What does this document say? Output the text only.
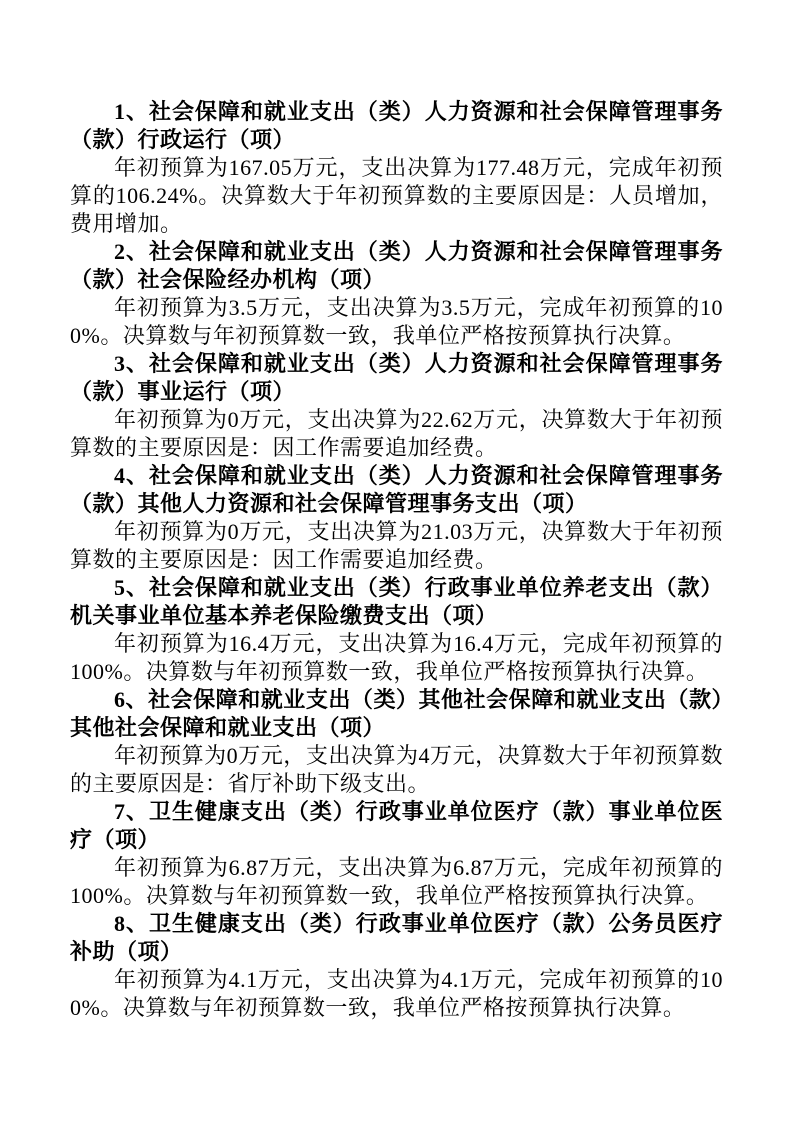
1、社会保障和就业支出（类）人力资源和社会保障管理事务（款）行政运行（项）

年初预算为167.05万元，支出决算为177.48万元，完成年初预算的106.24%。决算数大于年初预算数的主要原因是：人员增加，费用增加。

2、社会保障和就业支出（类）人力资源和社会保障管理事务（款）社会保险经办机构（项）

年初预算为3.5万元，支出决算为3.5万元，完成年初预算的100%。决算数与年初预算数一致，我单位严格按预算执行决算。

3、社会保障和就业支出（类）人力资源和社会保障管理事务（款）事业运行（项）

年初预算为0万元，支出决算为22.62万元，决算数大于年初预算数的主要原因是：因工作需要追加经费。

4、社会保障和就业支出（类）人力资源和社会保障管理事务（款）其他人力资源和社会保障管理事务支出（项）

年初预算为0万元，支出决算为21.03万元，决算数大于年初预算数的主要原因是：因工作需要追加经费。

5、社会保障和就业支出（类）行政事业单位养老支出（款）机关事业单位基本养老保险缴费支出（项）

年初预算为16.4万元，支出决算为16.4万元，完成年初预算的100%。决算数与年初预算数一致，我单位严格按预算执行决算。

6、社会保障和就业支出（类）其他社会保障和就业支出（款）其他社会保障和就业支出（项）

年初预算为0万元，支出决算为4万元，决算数大于年初预算数的主要原因是：省厅补助下级支出。

7、卫生健康支出（类）行政事业单位医疗（款）事业单位医疗（项）

年初预算为6.87万元，支出决算为6.87万元，完成年初预算的100%。决算数与年初预算数一致，我单位严格按预算执行决算。

8、卫生健康支出（类）行政事业单位医疗（款）公务员医疗补助（项）

年初预算为4.1万元，支出决算为4.1万元，完成年初预算的100%。决算数与年初预算数一致，我单位严格按预算执行决算。
